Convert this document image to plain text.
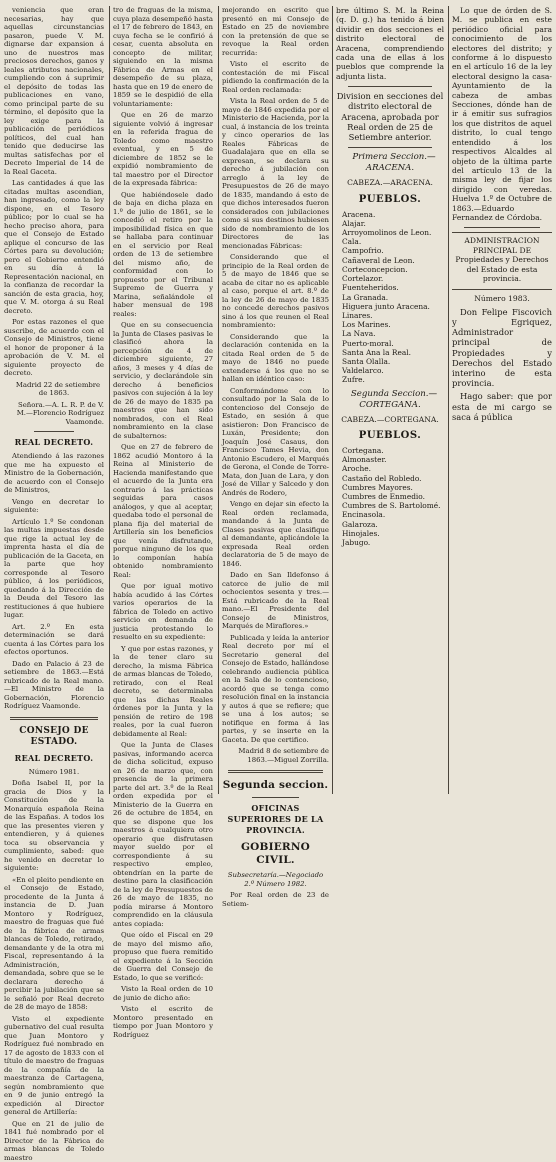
veniencia que eran necesarias, hay que aquellas circunstancias pasaron, puede V. M. dignarse dar expansion á uno de nuestros mas preciosos derechos, ganos y leales atributos nacionales, cumpliendo con á suprimir el depósito de todas las publicaciones en vano, como principal parte de su término, el depósito que la ley exige para la publicación de periódicos políticos, del cual han tenido que deducirse las multas satisfechas por el Decreto Imperial de 14 de la Real Gaceta.

Las cantidades á que las citadas multas ascendian, han ingresado, como la ley dispone, en el Tesoro público; por lo cual se ha hecho preciso ahora, para que el Consejo de Estado aplique el concurso de las Córtes para su devolución; pero el Gobierno entendió en su día á la Representación nacional, en la confianza de recordar la sanción de esta gracia, hoy, que V. M. otorga á su Real decreto.

Por estas razones el que suscribe, de acuerdo con el Consejo de Ministros, tiene el honor de proponer á la aprobación de V. M. el siguiente proyecto de decreto.

Madrid 22 de setiembre de 1863.

Señora.—A. L. R. P. de V. M.—Florencio Rodríguez Vaamonde.

REAL DECRETO.

Atendiendo á las razones que me ha expuesto el Ministro de la Gobernación, de acuerdo con el Consejo de Ministros,

Vengo en decretar lo siguiente:

Artículo 1.º Se condonan las multas impuestas desde que rige la actual ley de imprenta hasta el día de publicación de la Gaceta, en la parte que hoy corresponde al Tesoro público, á los periódicos, quedando á la Dirección de la Deuda del Tesoro las restituciones á que hubiere lugar.

Art. 2.º En esta determinación se dará cuenta á las Córtes para los efectos oportunos.

Dado en Palacio á 23 de setiembre de 1863.—Está rubricado de la Real mano.—El Ministro de la Gobernación, Florencio Rodríguez Vaamonde.

CONSEJO DE ESTADO.
REAL DECRETO.

Número 1981.

Doña Isabel II, por la gracia de Dios y la Constitución de la Monarquía española Reina de las Españas. A todos los que las presentes vieren y entendieren, y á quienes toca su observancia y cumplimiento, sabed: que he venido en decretar lo siguiente:

«En el pleito pendiente en el Consejo de Estado, procedente de la Junta á instancia de D. Juan Montoro y Rodríguez, maestro de fraguas que fué de la fábrica de armas blancas de Toledo, retirado, demandante y de la otra mi Fiscal, representando á la Administración, demandada, sobre que se le declarara derecho á percibir la jubilación que se le señaló por Real decreto de 28 de mayo de 1858:

Visto el expediente gubernativo del cual resulta que Juan Montoro y Rodríguez fué nombrado en 17 de agosto de 1833 con el título de maestro de fraguas de la compañía de la maestranza de Cartagena, según nombramiento que en 9 de junio entregó la expedición al Director general de Artillería:

Que en 21 de julio de 1841 fué nombrado por el Director de la Fábrica de armas blancas de Toledo maestro

tro de fraguas de la misma, cuya plaza desempeñó hasta el 17 de febrero de 1843, en cuya fecha se le confirió á cesar, cuenta absoluta en concepto de militar, siguiendo en la misma Fábrica de Armas en el desempeño de su plaza, hasta que en 19 de enero de 1859 se le despidió de ella voluntariamente:

Que en 26 de marzo siguiente volvió á ingresar en la referida fragua de Toledo como maestro eventual, y en 5 de diciembre de 1852 se le expidió nombramiento de tal maestro por el Director de la expresada fábrica:

Que habiéndosele dado de baja en dicha plaza en 1.º de julio de 1861, se le concedió el retiro por la imposibilidad física en que se hallaba para continuar en el servicio por Real orden de 13 de setiembre del mismo año, de conformidad con lo propuesto por el Tribunal Supremo de Guerra y Marina, señalándole el haber mensual de 198 reales:

Que en su consecuencia la Junta de Clases pasivas le clasificó ahora la percepción de 4 de diciembre siguiente, 27 años, 3 meses y 4 días de servicio, y declarándole sin derecho á beneficios pasivos con sujeción á la ley de 26 de mayo de 1835 pa maestros que han sido nombrados, con el Real nombramiento en la clase de subalternos:

Que en 27 de febrero de 1862 acudió Montoro á la Reina al Ministerio de Hacienda manifestando que el acuerdo de la Junta era contrario á las prácticas seguidas para casos análogos, y que al aceptar, quedaba todo el personal de plana fija del material de Artillería sin los beneficios que venía disfrutando, porque ninguno de los que lo componían había obtenido nombramiento Real:

Que por igual motivo había acudido á las Córtes varios operarios de la fábrica de Toledo en activo servicio en demanda de justicia protestando lo resuelto en su expediente:

Y que por estas razones, y la de tener claro su derecho, la misma Fábrica de armas blancas de Toledo, retirado, con el Real decreto, se determinaba que las dichas Reales órdenes por la Junta y la pensión de retiro de 198 reales, por la cual fueron debidamente al Real:

Que la Junta de Clases pasivas, informando acerca de dicha solicitud, expuso en 26 de marzo que, con presencia de la primera parte del art. 3.º de la Real orden expedida por el Ministerio de la Guerra en 26 de octubre de 1854, en que se dispone que los maestros á cualquiera otro operario que disfrutasen mayor sueldo por el correspondiente á su respectivo empleo, obtendrían en la parte de destino para la clasificación de la ley de Presupuestos de 26 de mayo de 1835, no podía mirarse á Montoro comprendido en la cláusula antes copiada:

Que oído el Fiscal en 29 de mayo del mismo año, propuso que fuera remitido el expediente á la Sección de Guerra del Consejo de Estado, lo que se verificó:

Visto la Real orden de 10 de junio de dicho año:

Visto el escrito de Montoro presentado en tiempo por Juan Montoro y Rodríguez

mejorando en escrito que presentó en mi Consejo de Estado en 25 de noviembre con la pretensión de que se revoque la Real orden recurrida:

Visto el escrito de contestación de mi Fiscal pidiendo la confirmación de la Real orden reclamada:

Vista la Real orden de 5 de mayo de 1846 expedida por el Ministerio de Hacienda, por la cual, á instancia de los treinta y cinco operarios de las Reales Fábricas de Guadalajara que en ella se expresan, se declara su derecho á jubilación con arreglo á la ley de Presupuestos de 26 de mayo de 1835, mandando á esto de que dichos interesados fueron considerados con jubilaciones como si sus destinos hubiesen sido de nombramiento de los Directores de las mencionadas Fábricas:

Considerando que el principio de la Real orden de 5 de mayo de 1846 que se acaba de citar no es aplicable al caso, porque el art. 8.º de la ley de 26 de mayo de 1835 no concede derechos pasivos sino á los que reunen el Real nombramiento:

Considerando que la declaración contenida en la citada Real orden de 5 de mayo de 1846 no puede extenderse á los que no se hallan en idéntico caso:

Conformándome con lo consultado por la Sala de lo contencioso del Consejo de Estado, en sesión á que asistieron: Don Francisco de Luxán, Presidente; don Joaquín José Casaus, don Francisco Tames Hevia, don Antonio Escudero, el Marqués de Gerona, el Conde de Torre-Mata, don Juan de Lara, y don José de Villar y Salcedo y don Andrés de Rodero,

Vengo en dejar sin efecto la Real orden reclamada, mandando á la Junta de Clases pasivas que clasifique al demandante, aplicándole la expresada Real orden declaratoria de 5 de mayo de 1846.

Dado en San Ildefonso á catorce de julio de mil ochocientos sesenta y tres.—Está rubricado de la Real mano.—El Presidente del Consejo de Ministros, Marqués de Miraflores.»

Publicada y leída la anterior Real decreto por mí el Secretario general del Consejo de Estado, hallándose celebrando audiencia pública en la Sala de lo contencioso, acordó que se tenga como resolución final en la instancia y autos á que se refiere; que se una á los autos; se notifique en forma á las partes, y se inserte en la Gaceta. De que certifico.

Madrid 8 de setiembre de 1863.—Miguel Zorrilla.

Segunda seccion.
OFICINAS SUPERIORES DE LA PROVINCIA.
GOBIERNO CIVIL.

Subsecretaría.—Negociado 2.º Número 1982.

Por Real orden de 23 de Setiem-

bre último S. M. la Reina (q. D. g.) ha tenido á bien dividir en dos secciones el distrito electoral de Aracena, comprendiendo cada una de ellas á los pueblos que comprende la adjunta lista.

Division en secciones del distrito electoral de Aracena, aprobada por Real orden de 25 de Setiembre anterior.

Primera Seccion.—ARACENA.

CABEZA.—ARACENA.

PUEBLOS.
Aracena.
Alajar.
Arroyomolinos de Leon.
Cala.
Campofrio.
Cañaveral de Leon.
Corteconcepcion.
Cortelazor.
Fuenteheridos.
La Granada.
Higuera junto Aracena.
Linares.
Los Marines.
La Nava.
Puerto-moral.
Santa Ana la Real.
Santa Olalla.
Valdelarco.
Zufre.

Segunda Seccion.—CORTEGANA.

CABEZA.—CORTEGANA.

PUEBLOS.
Cortegana.
Almonaster.
Aroche.
Castaño del Robledo.
Cumbres Mayores.
Cumbres de Enmedio.
Cumbres de S. Bartolomé.
Encinasola.
Galaroza.
Hinojales.
Jabugo.

Lo que de órden de S. M. se publica en este periódico oficial para conocimiento de los electores del distrito; y conforme á lo dispuesto en el artículo 16 de la ley electoral designo la casa-Ayuntamiento de la cabeza de ambas Secciones, dónde han de ir á emitir sus sufragios los que distritos de aquel distrito, lo cual tengo entendido á los respectivos Alcaldes al objeto de la última parte del artículo 13 de la misma ley de fijar los dirigido con veredas. Huelva 1.º de Octubre de 1863.—Eduardo Fernandez de Córdoba.

ADMINISTRACION PRINCIPAL DE Propiedades y Derechos del Estado de esta provincia.

Número 1983.

Don Felipe Fiscovich y Egriquez, Administrador principal de Propiedades y Derechos del Estado interino de esta provincia.

Hago saber: que por esta de mi cargo se saca á pública
